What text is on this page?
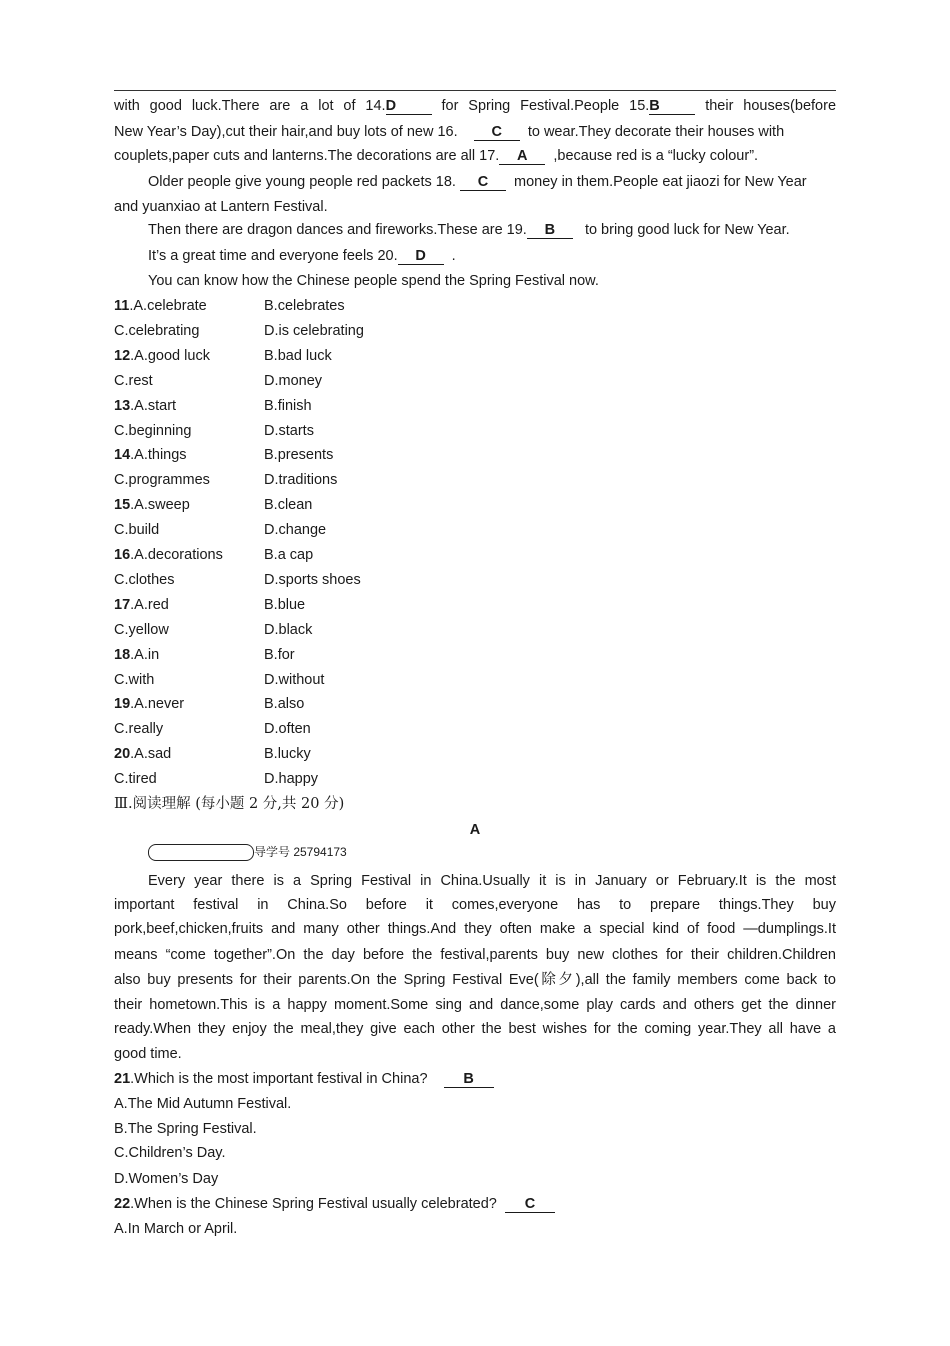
with good luck.There are a lot of 14.D	for Spring Festival.People 15.B	their houses(before
New Year’s Day),cut their hair,and buy lots of new 16. C to wear.They decorate their houses with
couplets,paper cuts and lanterns.The decorations are all 17. A ,because red is a “lucky colour”.
Older people give young people red packets 18. C money in them.People eat jiaozi for New Year
and yuanxiao at Lantern Festival.
Then there are dragon dances and fireworks.These are 19. B to bring good luck for New Year.
It’s a great time and everyone feels 20. D .
You can know how the Chinese people spend the Spring Festival now.
11.A.celebrate	B.celebrates
C.celebrating	D.is celebrating
12.A.good luck	B.bad luck
C.rest	D.money
13.A.start	B.finish
C.beginning	D.starts
14.A.things	B.presents
C.programmes	D.traditions
15.A.sweep	B.clean
C.build	D.change
16.A.decorations	B.a cap
C.clothes	D.sports shoes
17.A.red	B.blue
C.yellow	D.black
18.A.in	B.for
C.with	D.without
19.A.never	B.also
C.really	D.often
20.A.sad	B.lucky
C.tired	D.happy
Ⅲ.阅读理解 (每小题 2 分,共 20 分)
A
导学号 25794173
Every year there is a Spring Festival in China.Usually it is in January or February.It is the most
important festival in China.So before it comes,everyone has to prepare things.They buy
pork,beef,chicken,fruits and many other things.And they often make a special kind of food —dumplings.It
means “come together”.On the day before the festival,parents buy new clothes for their children.Children
also buy presents for their parents.On the Spring Festival Eve(除夕),all the family members come back to
their hometown.This is a happy moment.Some sing and dance,some play cards and others get the dinner
ready.When they enjoy the meal,they give each other the best wishes for the coming year.They all have a
good time.
21.Which is the most important festival in China? B
A.The Mid Autumn Festival.
B.The Spring Festival.
C.Children’s Day.
D.Women’s Day
22.When is the Chinese Spring Festival usually celebrated? C
A.In March or April.
